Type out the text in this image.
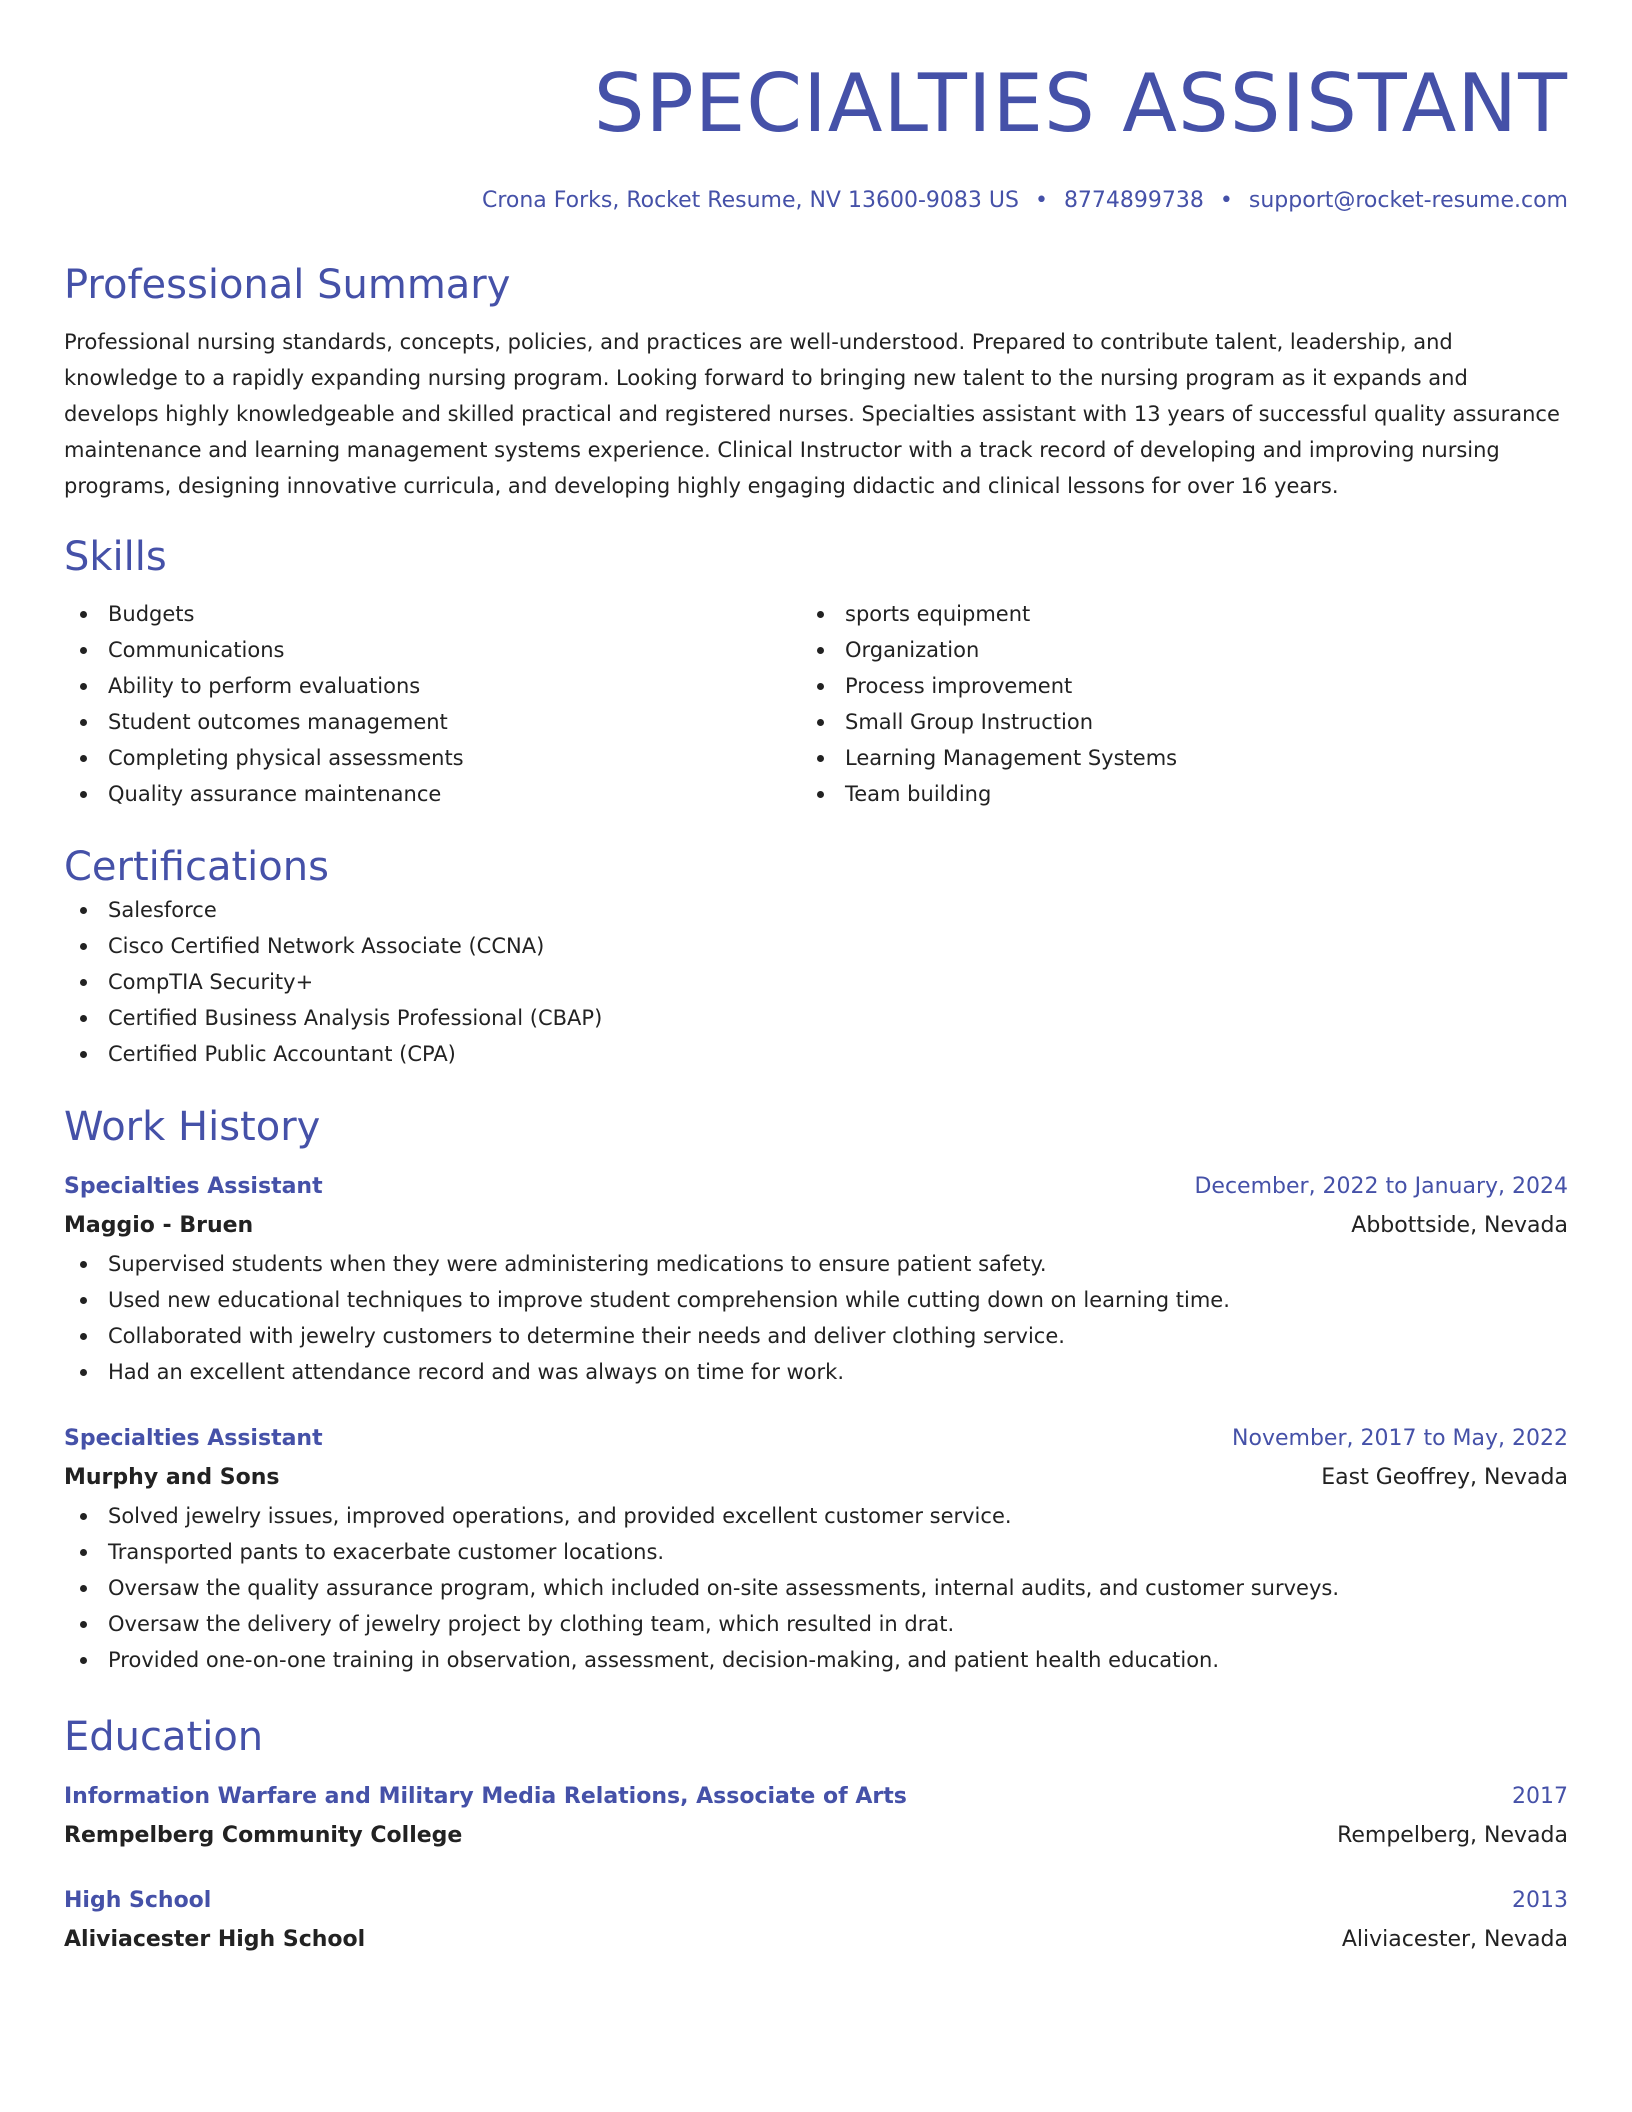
SPECIALTIES ASSISTANT
Crona Forks, Rocket Resume, NV 13600-9083 US • 8774899738 • support@rocket-resume.com
Professional Summary
Professional nursing standards, concepts, policies, and practices are well-understood. Prepared to contribute talent, leadership, and knowledge to a rapidly expanding nursing program. Looking forward to bringing new talent to the nursing program as it expands and develops highly knowledgeable and skilled practical and registered nurses. Specialties assistant with 13 years of successful quality assurance maintenance and learning management systems experience. Clinical Instructor with a track record of developing and improving nursing programs, designing innovative curricula, and developing highly engaging didactic and clinical lessons for over 16 years.
Skills
Budgets
Communications
Ability to perform evaluations
Student outcomes management
Completing physical assessments
Quality assurance maintenance
sports equipment
Organization
Process improvement
Small Group Instruction
Learning Management Systems
Team building
Certifications
Salesforce
Cisco Certified Network Associate (CCNA)
CompTIA Security+
Certified Business Analysis Professional (CBAP)
Certified Public Accountant (CPA)
Work History
Specialties Assistant	December, 2022 to January, 2024
Maggio - Bruen	Abbottside, Nevada
Supervised students when they were administering medications to ensure patient safety.
Used new educational techniques to improve student comprehension while cutting down on learning time.
Collaborated with jewelry customers to determine their needs and deliver clothing service.
Had an excellent attendance record and was always on time for work.
Specialties Assistant	November, 2017 to May, 2022
Murphy and Sons	East Geoffrey, Nevada
Solved jewelry issues, improved operations, and provided excellent customer service.
Transported pants to exacerbate customer locations.
Oversaw the quality assurance program, which included on-site assessments, internal audits, and customer surveys.
Oversaw the delivery of jewelry project by clothing team, which resulted in drat.
Provided one-on-one training in observation, assessment, decision-making, and patient health education.
Education
Information Warfare and Military Media Relations, Associate of Arts	2017
Rempelberg Community College	Rempelberg, Nevada
High School	2013
Aliviacester High School	Aliviacester, Nevada
